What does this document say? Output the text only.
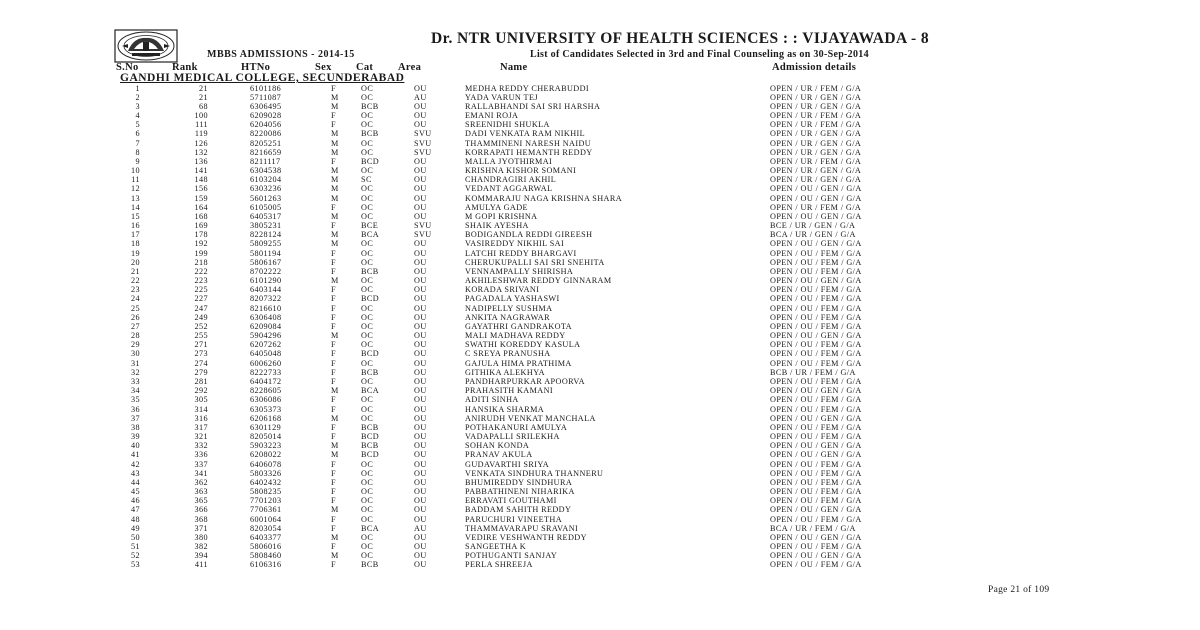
Dr. NTR UNIVERSITY OF HEALTH SCIENCES : : VIJAYAWADA - 8
MBBS ADMISSIONS - 2014-15	List of Candidates Selected in 3rd and Final Counseling as on 30-Sep-2014
S.No	Rank	HTNo	Sex Cat Area	Name	Admission details
GANDHI MEDICAL COLLEGE, SECUNDERABAD
1	21	6101186	F	OC	OU	MEDHA REDDY CHERABUDDI	OPEN / UR / FEM / G/A
2	21	5711087	M	OC	AU	YADA VARUN TEJ	OPEN / UR / GEN / G/A
3	68	6306495	M	BCB	OU	RALLABHANDI SAI SRI HARSHA	OPEN / UR / GEN / G/A
4	100	6209028	F	OC	OU	EMANI ROJA	OPEN / UR / FEM / G/A
5	111	6204056	F	OC	OU	SREENIDHI SHUKLA	OPEN / UR / FEM / G/A
6	119	8220086	M	BCB	SVU	DADI VENKATA RAM NIKHIL	OPEN / UR / GEN / G/A
7	126	8205251	M	OC	SVU	THAMMINENI NARESH NAIDU	OPEN / UR / GEN / G/A
8	132	8216659	M	OC	SVU	KORRAPATI HEMANTH REDDY	OPEN / UR / GEN / G/A
9	136	8211117	F	BCD	OU	MALLA JYOTHIRMAI	OPEN / UR / FEM / G/A
10	141	6304538	M	OC	OU	KRISHNA KISHOR SOMANI	OPEN / UR / GEN / G/A
11	148	6103204	M	SC	OU	CHANDRAGIRI AKHIL	OPEN / UR / GEN / G/A
12	156	6303236	M	OC	OU	VEDANT AGGARWAL	OPEN / OU / GEN / G/A
13	159	5601263	M	OC	OU	KOMMARAJU NAGA KRISHNA SHARA	OPEN / OU / GEN / G/A
14	164	6105005	F	OC	OU	AMULYA GADE	OPEN / UR / FEM / G/A
15	168	6405317	M	OC	OU	M GOPI KRISHNA	OPEN / OU / GEN / G/A
16	169	3805231	F	BCE	SVU	SHAIK AYESHA	BCE / UR / GEN / G/A
17	178	8228124	M	BCA	SVU	BODIGANDLA REDDI GIREESH	BCA / UR / GEN / G/A
18	192	5809255	M	OC	OU	VASIREDDY NIKHIL SAI	OPEN / OU / GEN / G/A
19	199	5801194	F	OC	OU	LATCHI REDDY BHARGAVI	OPEN / OU / FEM / G/A
20	218	5806167	F	OC	OU	CHERUKUPALLI SAI SRI SNEHITA	OPEN / OU / FEM / G/A
21	222	8702222	F	BCB	OU	VENNAMPALLY SHIRISHA	OPEN / OU / FEM / G/A
22	223	6101290	M	OC	OU	AKHILESHWAR REDDY GINNARAM	OPEN / OU / GEN / G/A
23	225	6403144	F	OC	OU	KORADA SRIVANI	OPEN / OU / FEM / G/A
24	227	8207322	F	BCD	OU	PAGADALA YASHASWI	OPEN / OU / FEM / G/A
25	247	8216610	F	OC	OU	NADIPELLY SUSHMA	OPEN / OU / FEM / G/A
26	249	6306408	F	OC	OU	ANKITA NAGRAWAR	OPEN / OU / FEM / G/A
27	252	6209084	F	OC	OU	GAYATHRI GANDRAKOTA	OPEN / OU / FEM / G/A
28	255	5904296	M	OC	OU	MALI MADHAVA REDDY	OPEN / OU / GEN / G/A
29	271	6207262	F	OC	OU	SWATHI KOREDDY KASULA	OPEN / OU / FEM / G/A
30	273	6405048	F	BCD	OU	C SREYA PRANUSHA	OPEN / OU / FEM / G/A
31	274	6006260	F	OC	OU	GAJULA HIMA PRATHIMA	OPEN / OU / FEM / G/A
32	279	8222733	F	BCB	OU	GITHIKA ALEKHYA	BCB / UR / FEM / G/A
33	281	6404172	F	OC	OU	PANDHARPURKAR APOORVA	OPEN / OU / FEM / G/A
34	292	8228605	M	BCA	OU	PRAHASITH KAMANI	OPEN / OU / GEN / G/A
35	305	6306086	F	OC	OU	ADITI SINHA	OPEN / OU / FEM / G/A
36	314	6305373	F	OC	OU	HANSIKA SHARMA	OPEN / OU / FEM / G/A
37	316	6206168	M	OC	OU	ANIRUDH VENKAT MANCHALA	OPEN / OU / GEN / G/A
38	317	6301129	F	BCB	OU	POTHAKANURI AMULYA	OPEN / OU / FEM / G/A
39	321	8205014	F	BCD	OU	VADAPALLI SRILEKHA	OPEN / OU / FEM / G/A
40	332	5903223	M	BCB	OU	SOHAN KONDA	OPEN / OU / GEN / G/A
41	336	6208022	M	BCD	OU	PRANAV AKULA	OPEN / OU / GEN / G/A
42	337	6406078	F	OC	OU	GUDAVARTHI SRIYA	OPEN / OU / FEM / G/A
43	341	5803326	F	OC	OU	VENKATA SINDHURA THANNERU	OPEN / OU / FEM / G/A
44	362	6402432	F	OC	OU	BHUMIREDDY SINDHURA	OPEN / OU / FEM / G/A
45	363	5808235	F	OC	OU	PABBATHINENI NIHARIKA	OPEN / OU / FEM / G/A
46	365	7701203	F	OC	OU	ERRAVATI GOUTHAMI	OPEN / OU / FEM / G/A
47	366	7706361	M	OC	OU	BADDAM SAHITH REDDY	OPEN / OU / GEN / G/A
48	368	6001064	F	OC	OU	PARUCHURI VINEETHA	OPEN / OU / FEM / G/A
49	371	8203054	F	BCA	AU	THAMMAVARAPU SRAVANI	BCA / UR / FEM / G/A
50	380	6403377	M	OC	OU	VEDIRE VESHWANTH REDDY	OPEN / OU / GEN / G/A
51	382	5806016	F	OC	OU	SANGEETHA K	OPEN / OU / FEM / G/A
52	394	5808460	M	OC	OU	POTHUGANTI SANJAY	OPEN / OU / GEN / G/A
53	411	6106316	F	BCB	OU	PERLA SHREEJA	OPEN / OU / FEM / G/A
Page 21 of 109
